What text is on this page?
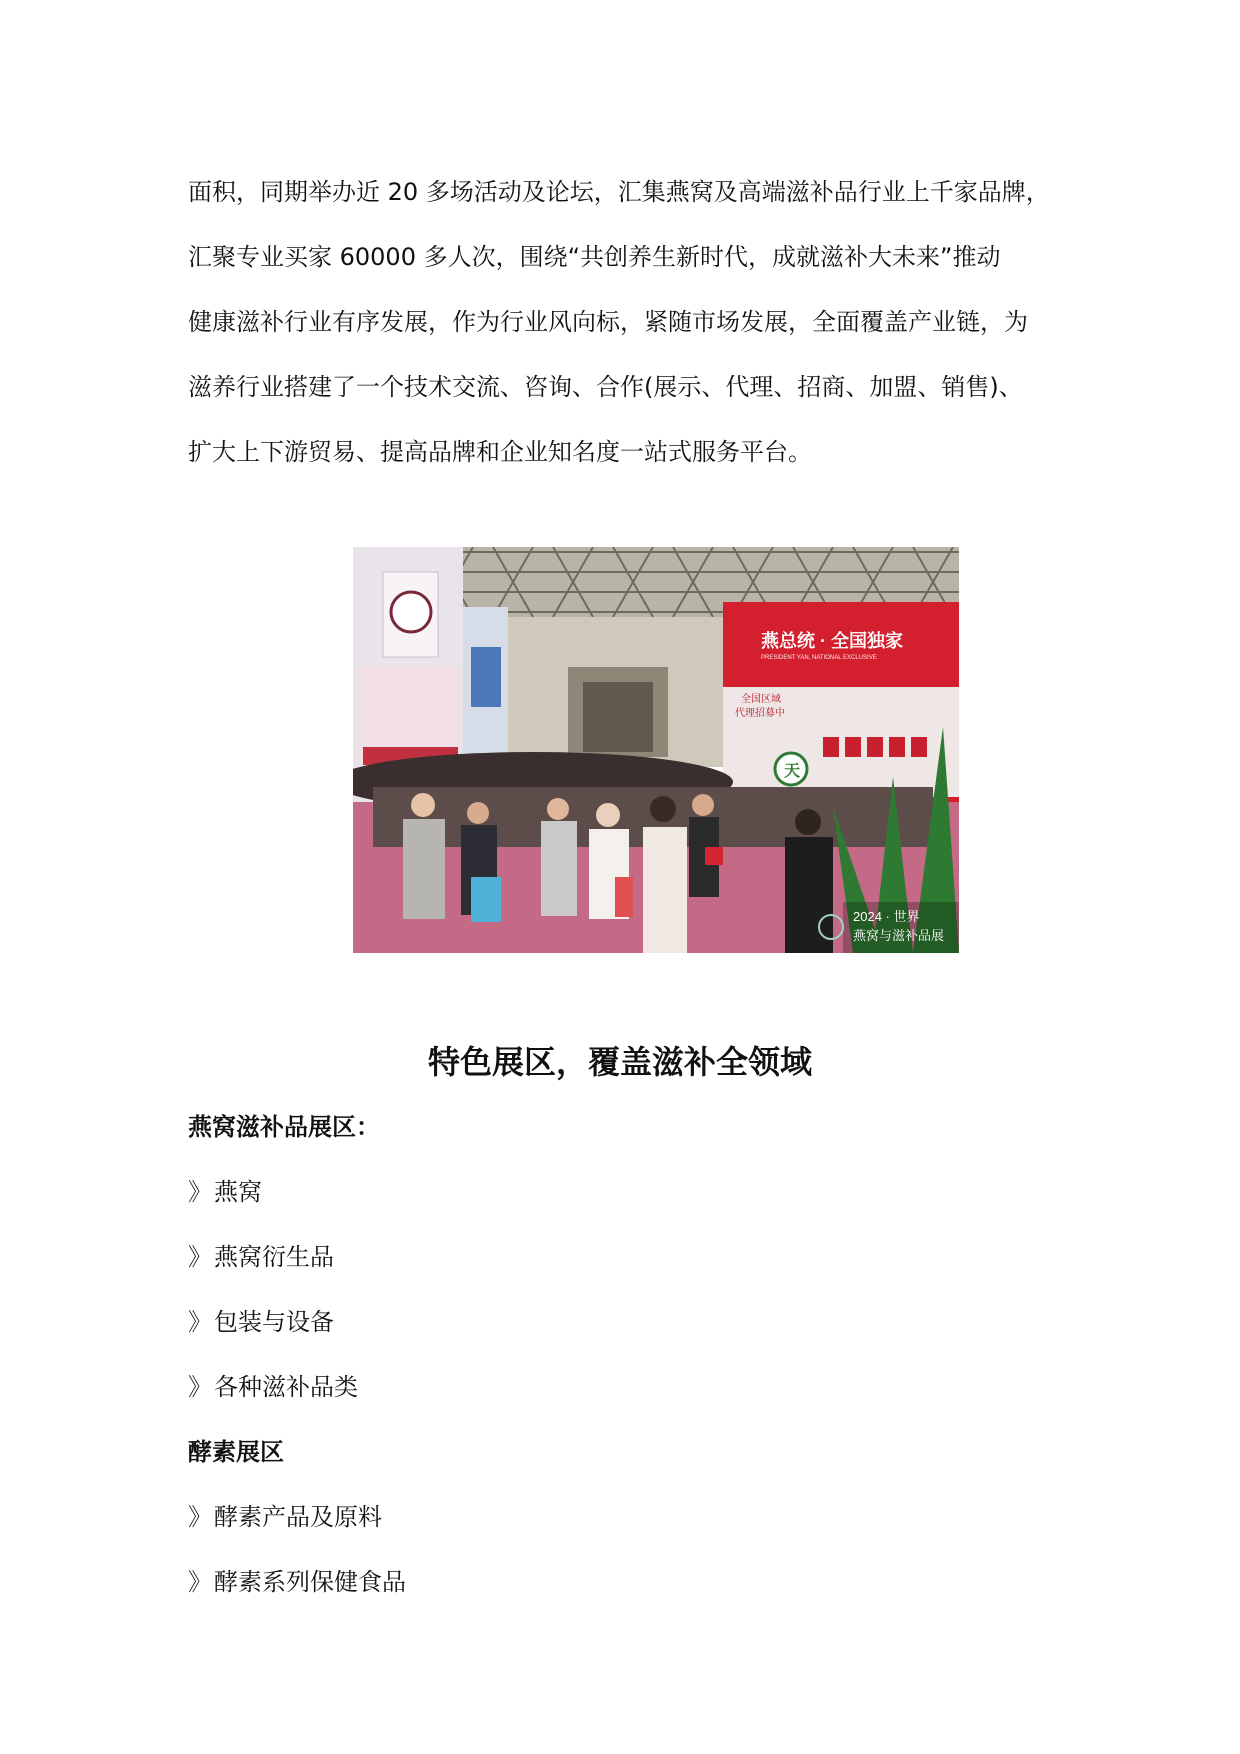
面积，同期举办近 20 多场活动及论坛，汇集燕窝及高端滋补品行业上千家品牌，
汇聚专业买家 60000 多人次，围绕“共创养生新时代，成就滋补大未来”推动
健康滋补行业有序发展，作为行业风向标，紧随市场发展，全面覆盖产业链，为
滋养行业搭建了一个技术交流、咨询、合作(展示、代理、招商、加盟、销售)、
扩大上下游贸易、提高品牌和企业知名度一站式服务平台。
燕总统 · 全国独家
PRESIDENT YAN, NATIONAL EXCLUSIVE
全国区域
代理招募中
天
2024 · 世界
燕窝与滋补品展
特色展区，覆盖滋补全领域
燕窝滋补品展区：
》燕窝
》燕窝衍生品
》包装与设备
》各种滋补品类
酵素展区
》酵素产品及原料
》酵素系列保健食品
